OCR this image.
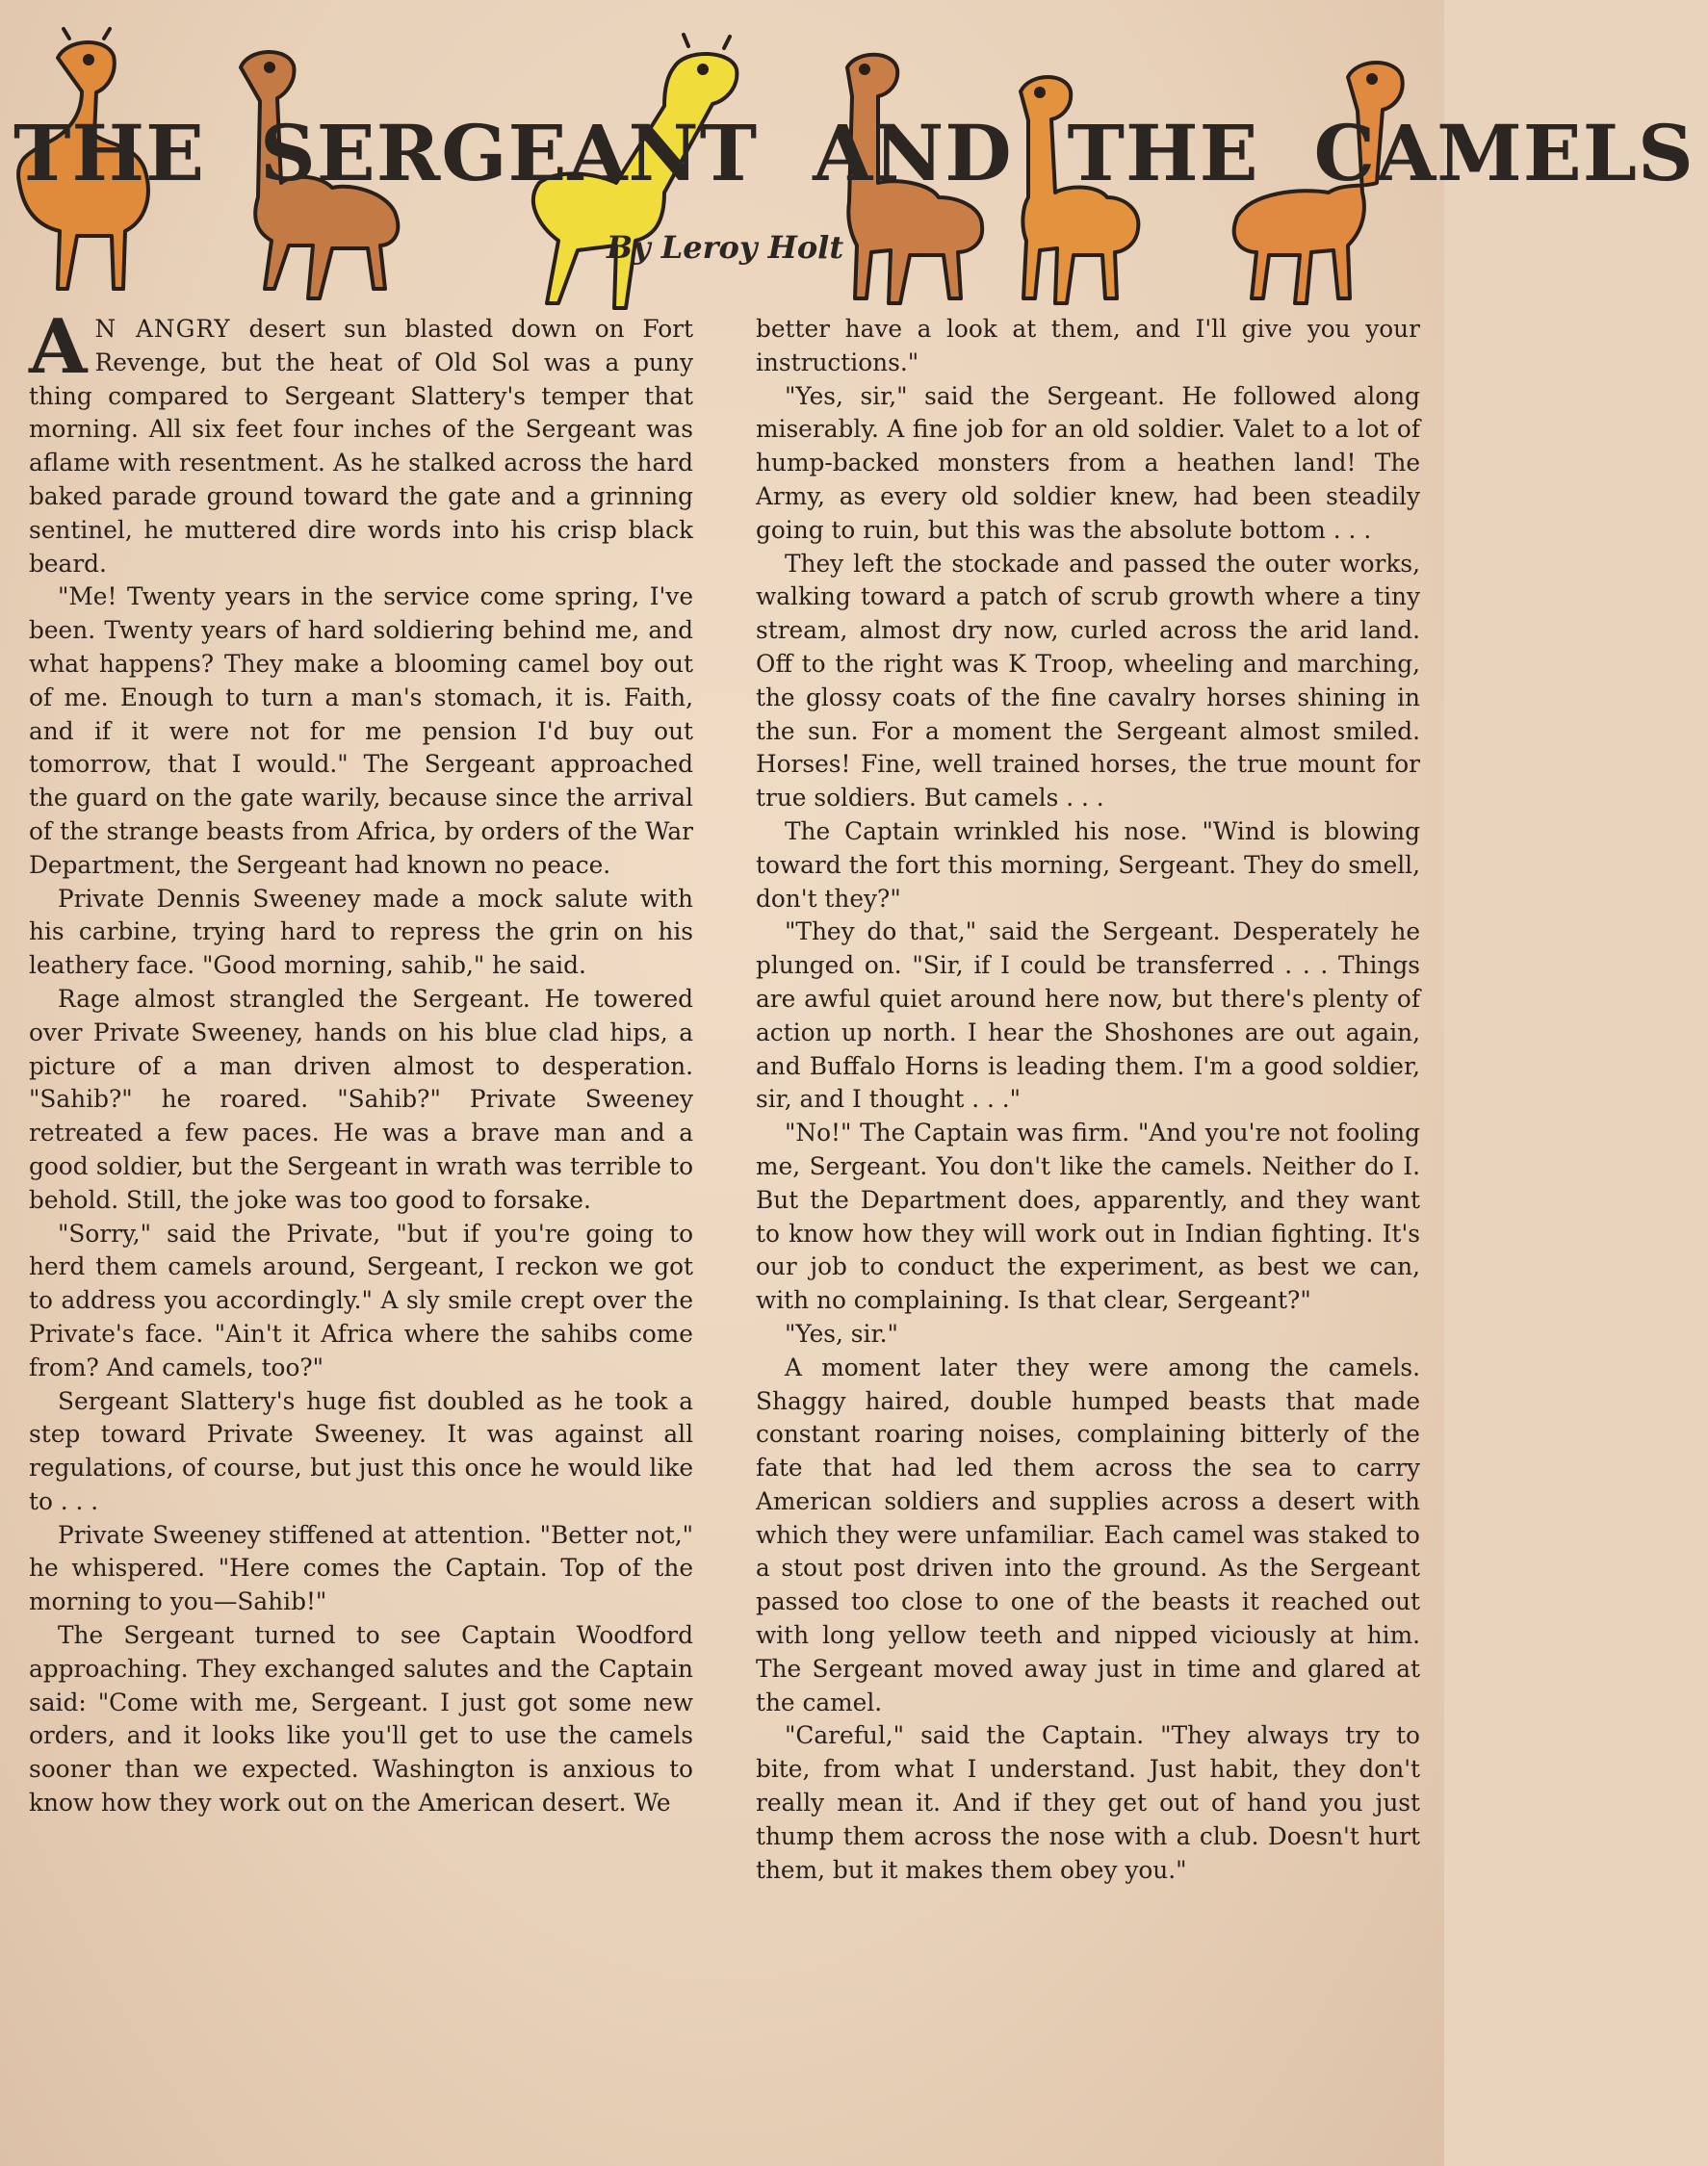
THE SERGEANT AND THE CAMELS
By Leroy Holt

A N ANGRY desert sun blasted down on Fort Revenge, but the heat of Old Sol was a puny thing compared to Sergeant Slattery's temper that morning. All six feet four inches of the Sergeant was aflame with resentment. As he stalked across the hard baked parade ground toward the gate and a grinning sentinel, he muttered dire words into his crisp black beard.

"Me! Twenty years in the service come spring, I've been. Twenty years of hard soldiering behind me, and what happens? They make a blooming camel boy out of me. Enough to turn a man's stomach, it is. Faith, and if it were not for me pension I'd buy out tomorrow, that I would." The Sergeant approached the guard on the gate warily, because since the arrival of the strange beasts from Africa, by orders of the War Department, the Sergeant had known no peace.

Private Dennis Sweeney made a mock salute with his carbine, trying hard to repress the grin on his leathery face. "Good morning, sahib," he said.

Rage almost strangled the Sergeant. He towered over Private Sweeney, hands on his blue clad hips, a picture of a man driven almost to desperation. "Sahib?" he roared. "Sahib?" Private Sweeney retreated a few paces. He was a brave man and a good soldier, but the Sergeant in wrath was terrible to behold. Still, the joke was too good to forsake.

"Sorry," said the Private, "but if you're going to herd them camels around, Sergeant, I reckon we got to address you accordingly." A sly smile crept over the Private's face. "Ain't it Africa where the sahibs come from? And camels, too?"

Sergeant Slattery's huge fist doubled as he took a step toward Private Sweeney. It was against all regulations, of course, but just this once he would like to . . .

Private Sweeney stiffened at attention. "Better not," he whispered. "Here comes the Captain. Top of the morning to you—Sahib!"

The Sergeant turned to see Captain Woodford approaching. They exchanged salutes and the Captain said: "Come with me, Sergeant. I just got some new orders, and it looks like you'll get to use the camels sooner than we expected. Washington is anxious to know how they work out on the American desert. We

better have a look at them, and I'll give you your instructions."

"Yes, sir," said the Sergeant. He followed along miserably. A fine job for an old soldier. Valet to a lot of hump-backed monsters from a heathen land! The Army, as every old soldier knew, had been steadily going to ruin, but this was the absolute bottom . . .

They left the stockade and passed the outer works, walking toward a patch of scrub growth where a tiny stream, almost dry now, curled across the arid land. Off to the right was K Troop, wheeling and marching, the glossy coats of the fine cavalry horses shining in the sun. For a moment the Sergeant almost smiled. Horses! Fine, well trained horses, the true mount for true soldiers. But camels . . .

The Captain wrinkled his nose. "Wind is blowing toward the fort this morning, Sergeant. They do smell, don't they?"

"They do that," said the Sergeant. Desperately he plunged on. "Sir, if I could be transferred . . . Things are awful quiet around here now, but there's plenty of action up north. I hear the Shoshones are out again, and Buffalo Horns is leading them. I'm a good soldier, sir, and I thought . . ."

"No!" The Captain was firm. "And you're not fooling me, Sergeant. You don't like the camels. Neither do I. But the Department does, apparently, and they want to know how they will work out in Indian fighting. It's our job to conduct the experiment, as best we can, with no complaining. Is that clear, Sergeant?"

"Yes, sir."

A moment later they were among the camels. Shaggy haired, double humped beasts that made constant roaring noises, complaining bitterly of the fate that had led them across the sea to carry American soldiers and supplies across a desert with which they were unfamiliar. Each camel was staked to a stout post driven into the ground. As the Sergeant passed too close to one of the beasts it reached out with long yellow teeth and nipped viciously at him. The Sergeant moved away just in time and glared at the camel.

"Careful," said the Captain. "They always try to bite, from what I understand. Just habit, they don't really mean it. And if they get out of hand you just thump them across the nose with a club. Doesn't hurt them, but it makes them obey you."
